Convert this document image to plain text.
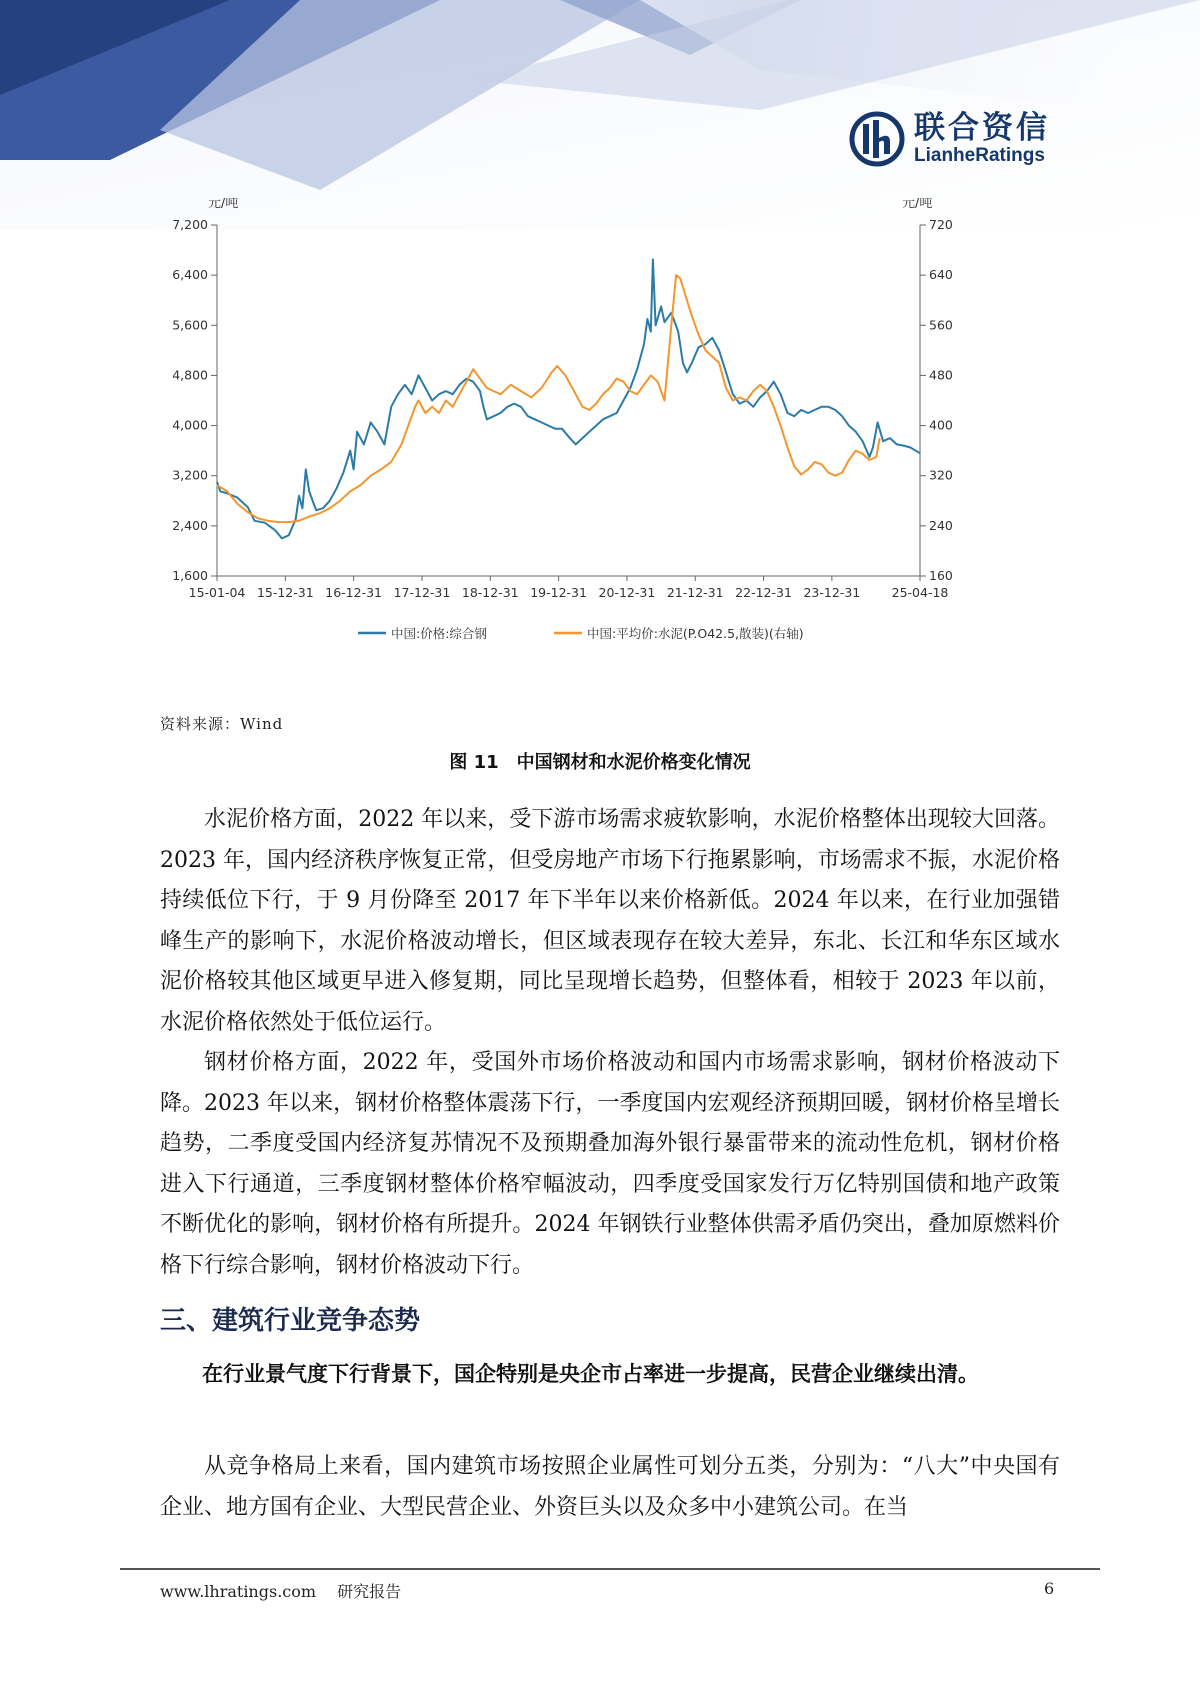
联合资信
LianheRatings
元/吨	元/吨
1,600
2,400
3,200
4,000
4,800
5,600
6,400
7,200
160
240
320
400
480
560
640
720
15-01-04 15-12-31 16-12-31 17-12-31 18-12-31 19-12-31 20-12-31 21-12-31 22-12-31 23-12-31	25-04-18
中国:价格:综合钢	中国:平均价:水泥(P.O42.5,散装)(右轴)
资料来源：Wind
图 11　中国钢材和水泥价格变化情况

水泥价格方面，2022 年以来，受下游市场需求疲软影响，水泥价格整体出现较大回落。2023 年，国内经济秩序恢复正常，但受房地产市场下行拖累影响，市场需求不振，水泥价格持续低位下行，于 9 月份降至 2017 年下半年以来价格新低。2024 年以来，在行业加强错峰生产的影响下，水泥价格波动增长，但区域表现存在较大差异，东北、长江和华东区域水泥价格较其他区域更早进入修复期，同比呈现增长趋势，但整体看，相较于 2023 年以前，水泥价格依然处于低位运行。

钢材价格方面，2022 年，受国外市场价格波动和国内市场需求影响，钢材价格波动下降。2023 年以来，钢材价格整体震荡下行，一季度国内宏观经济预期回暖，钢材价格呈增长趋势，二季度受国内经济复苏情况不及预期叠加海外银行暴雷带来的流动性危机，钢材价格进入下行通道，三季度钢材整体价格窄幅波动，四季度受国家发行万亿特别国债和地产政策不断优化的影响，钢材价格有所提升。2024 年钢铁行业整体供需矛盾仍突出，叠加原燃料价格下行综合影响，钢材价格波动下行。

三、建筑行业竞争态势

在行业景气度下行背景下，国企特别是央企市占率进一步提高，民营企业继续出清。

从竞争格局上来看，国内建筑市场按照企业属性可划分五类，分别为：“八大”中央国有企业、地方国有企业、大型民营企业、外资巨头以及众多中小建筑公司。在当

www.lhratings.com 研究报告	6
